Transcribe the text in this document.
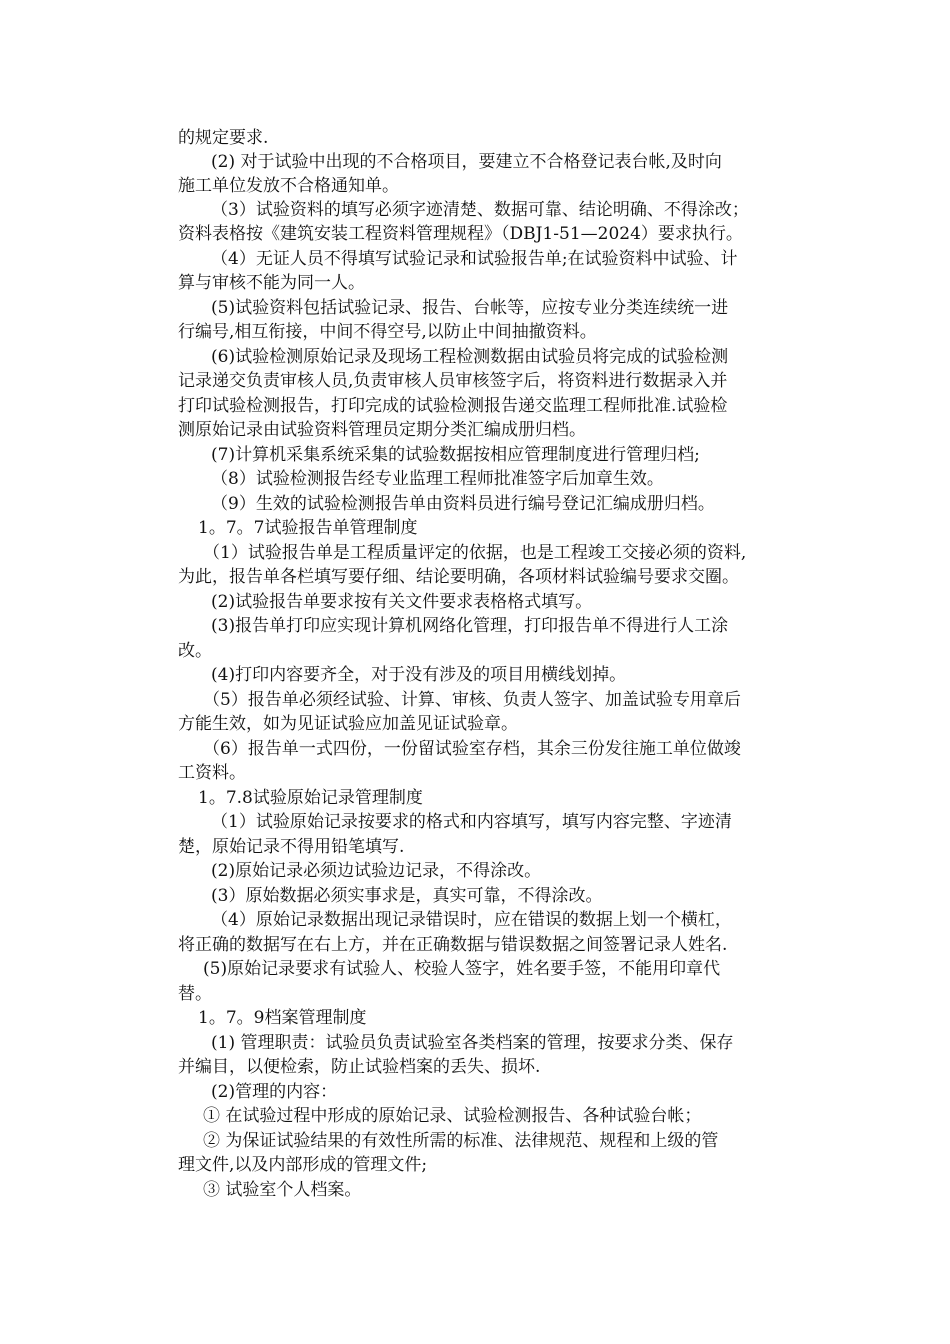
的规定要求.
(2) 对于试验中出现的不合格项目，要建立不合格登记表台帐,及时向
施工单位发放不合格通知单。
（3）试验资料的填写必须字迹清楚、数据可靠、结论明确、不得涂改；
资料表格按《建筑安装工程资料管理规程》（DBJ1-51—2024）要求执行。
（4）无证人员不得填写试验记录和试验报告单;在试验资料中试验、计
算与审核不能为同一人。
(5)试验资料包括试验记录、报告、台帐等，应按专业分类连续统一进
行编号,相互衔接，中间不得空号,以防止中间抽撤资料。
(6)试验检测原始记录及现场工程检测数据由试验员将完成的试验检测
记录递交负责审核人员,负责审核人员审核签字后，将资料进行数据录入并
打印试验检测报告，打印完成的试验检测报告递交监理工程师批准.试验检
测原始记录由试验资料管理员定期分类汇编成册归档。
(7)计算机采集系统采集的试验数据按相应管理制度进行管理归档;
（8）试验检测报告经专业监理工程师批准签字后加章生效。
（9）生效的试验检测报告单由资料员进行编号登记汇编成册归档。
1。7。7试验报告单管理制度
（1）试验报告单是工程质量评定的依据，也是工程竣工交接必须的资料,
为此，报告单各栏填写要仔细、结论要明确，各项材料试验编号要求交圈。
(2)试验报告单要求按有关文件要求表格格式填写。
(3)报告单打印应实现计算机网络化管理，打印报告单不得进行人工涂
改。
(4)打印内容要齐全，对于没有涉及的项目用横线划掉。
（5）报告单必须经试验、计算、审核、负责人签字、加盖试验专用章后
方能生效，如为见证试验应加盖见证试验章。
（6）报告单一式四份，一份留试验室存档，其余三份发往施工单位做竣
工资料。
1。7.8试验原始记录管理制度
（1）试验原始记录按要求的格式和内容填写，填写内容完整、字迹清
楚，原始记录不得用铅笔填写.
(2)原始记录必须边试验边记录，不得涂改。
(3）原始数据必须实事求是，真实可靠，不得涂改。
（4）原始记录数据出现记录错误时，应在错误的数据上划一个横杠，
将正确的数据写在右上方，并在正确数据与错误数据之间签署记录人姓名.
(5)原始记录要求有试验人、校验人签字，姓名要手签，不能用印章代
替。
1。7。9档案管理制度
(1) 管理职责：试验员负责试验室各类档案的管理，按要求分类、保存
并编目，以便检索，防止试验档案的丢失、损坏.
(2)管理的内容：
① 在试验过程中形成的原始记录、试验检测报告、各种试验台帐；
② 为保证试验结果的有效性所需的标准、法律规范、规程和上级的管
理文件,以及内部形成的管理文件;
③ 试验室个人档案。
